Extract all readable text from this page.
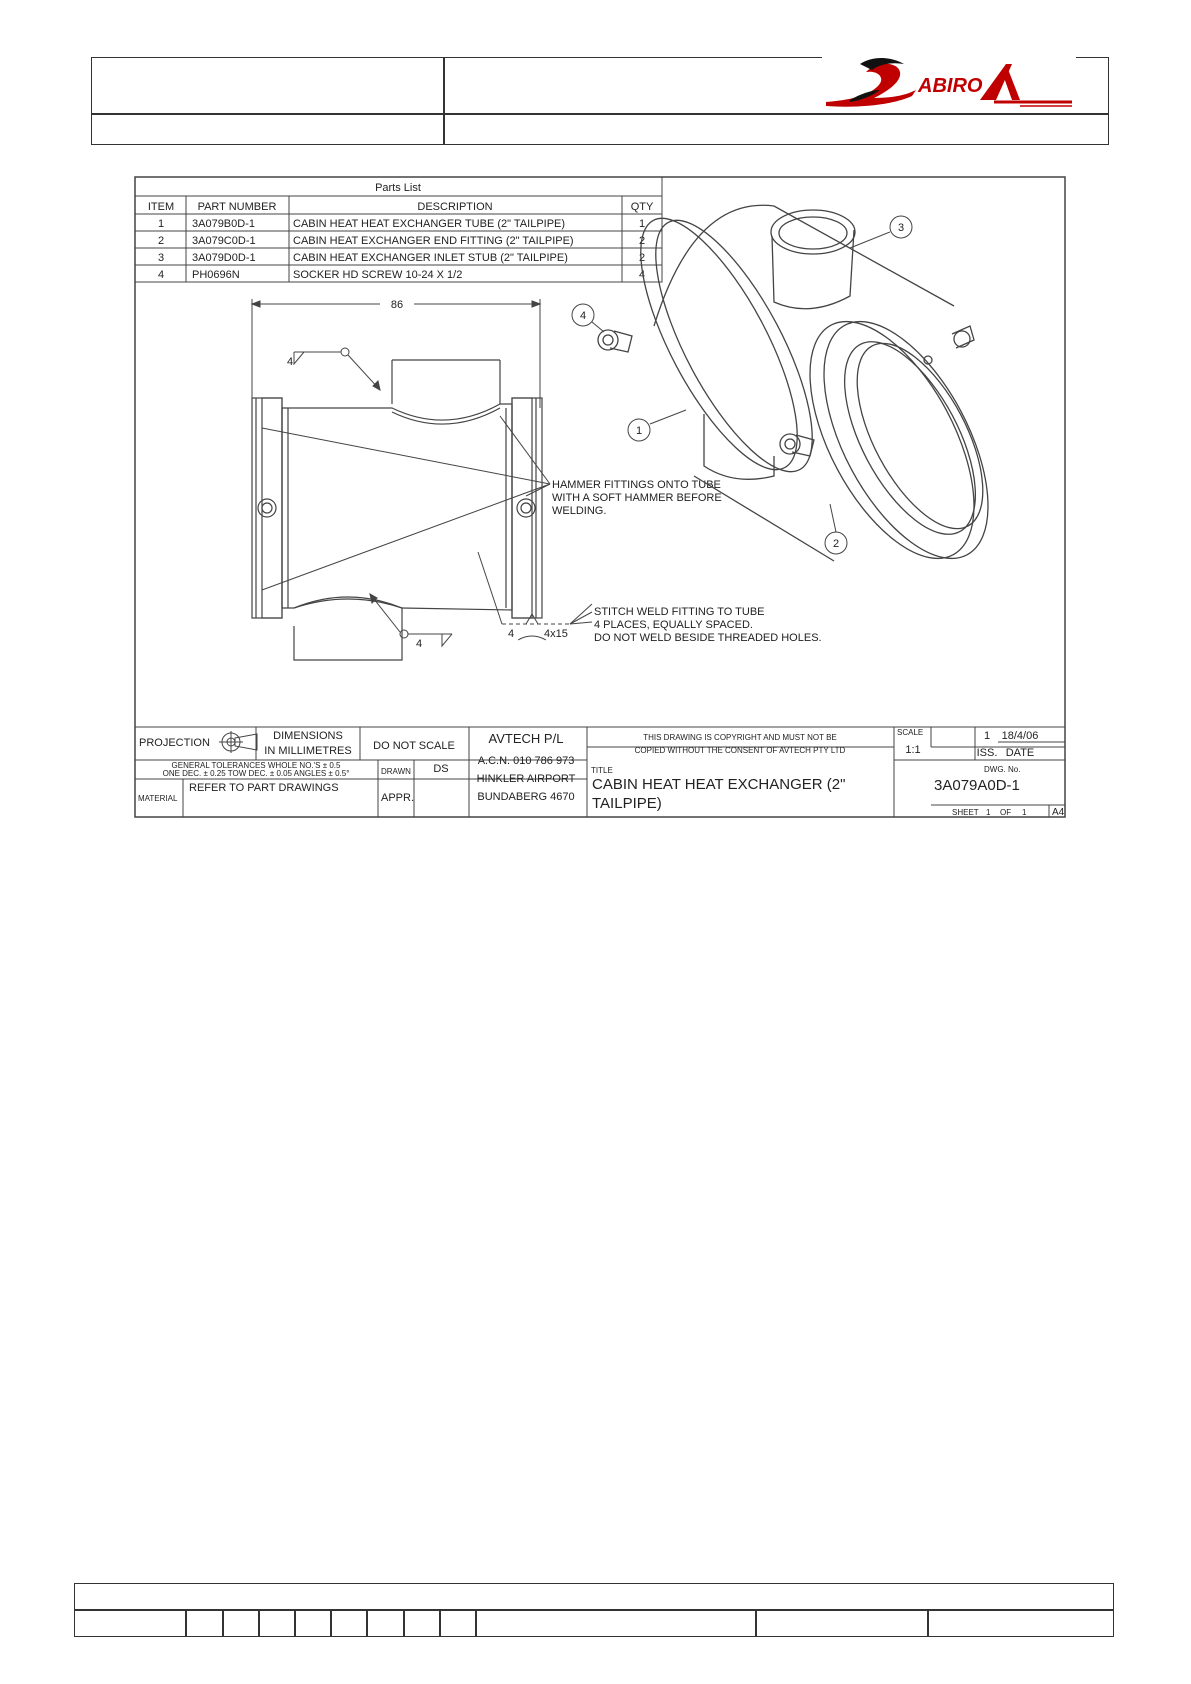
ABIRO
Parts List
ITEM PART NUMBER	DESCRIPTION	QTY
1	3A079B0D-1	CABIN HEAT HEAT EXCHANGER TUBE (2" TAILPIPE)	1
2	3A079C0D-1	CABIN HEAT EXCHANGER END FITTING (2" TAILPIPE)	2
3	3A079D0D-1	CABIN HEAT EXCHANGER INLET STUB (2" TAILPIPE)	2
4	PH0696N	SOCKER HD SCREW 10-24 X 1/2	4
86
4
4
4	4x15
HAMMER FITTINGS ONTO TUBE
WITH A SOFT HAMMER BEFORE
WELDING.
STITCH WELD FITTING TO TUBE
4 PLACES, EQUALLY SPACED.
DO NOT WELD BESIDE THREADED HOLES.
3
4
1
2
PROJECTION
DIMENSIONS
IN MILLIMETRES DO NOT SCALE	AVTECH P/L
A.C.N. 010 786 973
HINKLER AIRPORT
BUNDABERG 4670
THIS DRAWING IS COPYRIGHT AND MUST NOT BE
COPIED WITHOUT THE CONSENT OF AVTECH PTY LTD
SCALE
1:1
1
ISS.
18/4/06
DATE
GENERAL TOLERANCES WHOLE NO.'S ± 0.5
ONE DEC. ± 0.25 TOW DEC. ± 0.05 ANGLES ± 0.5°	DRAWN DS	TITLE
CABIN HEAT HEAT EXCHANGER (2"
TAILPIPE)
DWG. No.
3A079A0D-1
MATERIAL
REFER TO PART DRAWINGS
APPR.
SHEET 1 OF 1	A4
